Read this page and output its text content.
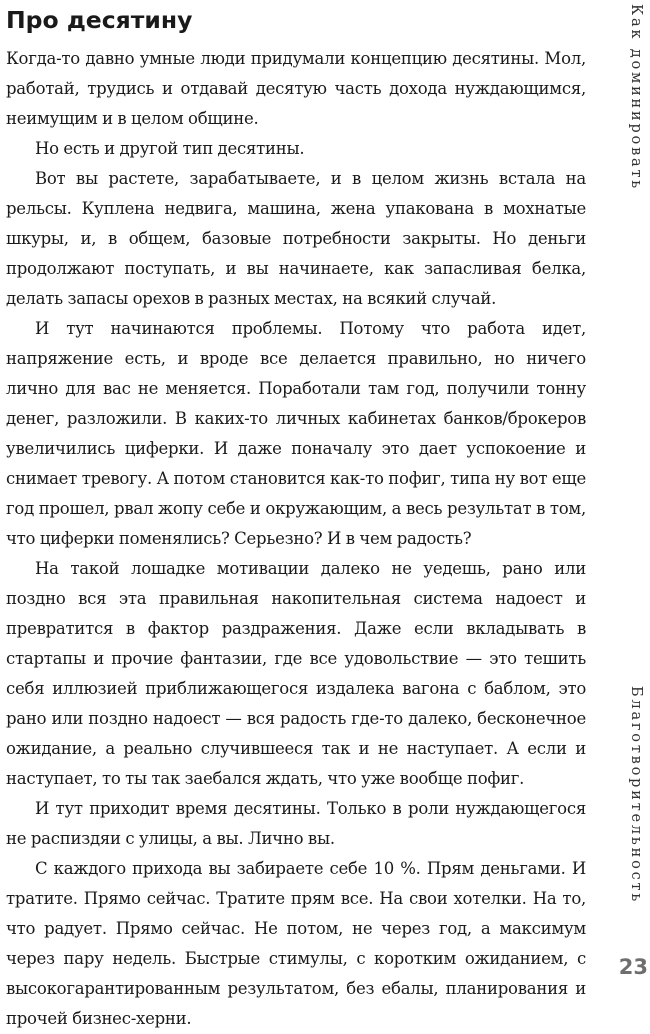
Про десятину

Когда-то давно умные люди придумали концепцию десятины. Мол, работай, трудись и отдавай десятую часть дохода нуждающимся, неимущим и в целом общине.

Но есть и другой тип десятины.

Вот вы растете, зарабатываете, и в целом жизнь встала на рельсы. Куплена недвига, машина, жена упакована в мохнатые шкуры, и, в общем, базовые потребности закрыты. Но деньги продолжают поступать, и вы начинаете, как запасливая белка, делать запасы орехов в разных местах, на всякий случай.

И тут начинаются проблемы. Потому что работа идет, напряжение есть, и вроде все делается правильно, но ничего лично для вас не меняется. Поработали там год, получили тонну денег, разложили. В каких-то личных кабинетах банков/брокеров увеличились циферки. И даже поначалу это дает успокоение и снимает тревогу. А потом становится как-то пофиг, типа ну вот еще год прошел, рвал жопу себе и окружающим, а весь результат в том, что циферки поменялись? Серьезно? И в чем радость?

На такой лошадке мотивации далеко не уедешь, рано или поздно вся эта правильная накопительная система надоест и превратится в фактор раздражения. Даже если вкладывать в стартапы и прочие фантазии, где все удовольствие — это тешить себя иллюзией приближающегося издалека вагона с баблом, это рано или поздно надоест — вся радость где-то далеко, бесконечное ожидание, а реально случившееся так и не наступает. А если и наступает, то ты так заебался ждать, что уже вообще пофиг.

И тут приходит время десятины. Только в роли нуждающегося не распиздяи с улицы, а вы. Лично вы.

С каждого прихода вы забираете себе 10 %. Прям деньгами. И тратите. Прямо сейчас. Тратите прям все. На свои хотелки. На то, что радует. Прямо сейчас. Не потом, не через год, а максимум через пару недель. Быстрые стимулы, с коротким ожиданием, с высокогарантированным результатом, без ебалы, планирования и прочей бизнес-херни.

Как доминировать
Благотворительность
23
